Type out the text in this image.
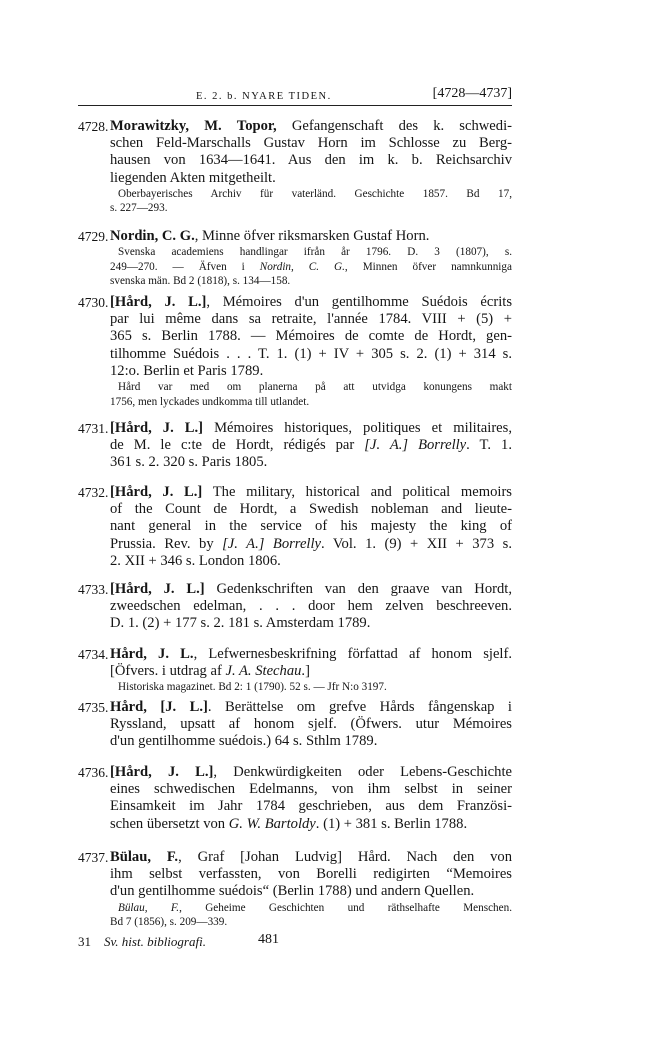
E. 2. b. NYARE TIDEN.	[4728—4737]
4728. Morawitzky, M. Topor, Gefangenschaft des k. schwedi-
schen Feld-Marschalls Gustav Horn im Schlosse zu Berg-
hausen von 1634—1641. Aus den im k. b. Reichsarchiv
liegenden Akten mitgetheilt.
Oberbayerisches Archiv für vaterländ. Geschichte 1857. Bd 17,
s. 227—293.
4729. Nordin, C. G., Minne öfver riksmarsken Gustaf Horn.
Svenska academiens handlingar ifrån år 1796. D. 3 (1807), s.
249—270. — Äfven i Nordin, C. G., Minnen öfver namnkunniga
svenska män. Bd 2 (1818), s. 134—158.
4730. [Hård, J. L.], Mémoires d'un gentilhomme Suédois écrits
par lui même dans sa retraite, l'année 1784. VIII + (5) +
365 s. Berlin 1788. — Mémoires de comte de Hordt, gen-
tilhomme Suédois . . . T. 1. (1) + IV + 305 s. 2. (1) + 314 s.
12:o. Berlin et Paris 1789.
Hård var med om planerna på att utvidga konungens makt
1756, men lyckades undkomma till utlandet.
4731. [Hård, J. L.] Mémoires historiques, politiques et militaires,
de M. le c:te de Hordt, rédigés par [J. A.] Borrelly. T. 1.
361 s. 2. 320 s. Paris 1805.
4732. [Hård, J. L.] The military, historical and political memoirs
of the Count de Hordt, a Swedish nobleman and lieute-
nant general in the service of his majesty the king of
Prussia. Rev. by [J. A.] Borrelly. Vol. 1. (9) + XII + 373 s.
2. XII + 346 s. London 1806.
4733. [Hård, J. L.] Gedenkschriften van den graave van Hordt,
zweedschen edelman, . . . door hem zelven beschreeven.
D. 1. (2) + 177 s. 2. 181 s. Amsterdam 1789.
4734. Hård, J. L., Lefwernesbeskrifning författad af honom sjelf.
[Öfvers. i utdrag af J. A. Stechau.]
Historiska magazinet. Bd 2: 1 (1790). 52 s. — Jfr N:o 3197.
4735. Hård, [J. L.]. Berättelse om grefve Hårds fångenskap i
Ryssland, upsatt af honom sjelf. (Öfwers. utur Mémoires
d'un gentilhomme suédois.) 64 s. Sthlm 1789.
4736. [Hård, J. L.], Denkwürdigkeiten oder Lebens-Geschichte
eines schwedischen Edelmanns, von ihm selbst in seiner
Einsamkeit im Jahr 1784 geschrieben, aus dem Französi-
schen übersetzt von G. W. Bartoldy. (1) + 381 s. Berlin 1788.
4737. Bülau, F., Graf [Johan Ludvig] Hård. Nach den von
ihm selbst verfassten, von Borelli redigirten “Memoires
d'un gentilhomme suédois“ (Berlin 1788) und andern Quellen.
Bülau, F., Geheime Geschichten und räthselhafte Menschen.
Bd 7 (1856), s. 209—339.
31 Sv. hist. bibliografi.	481
